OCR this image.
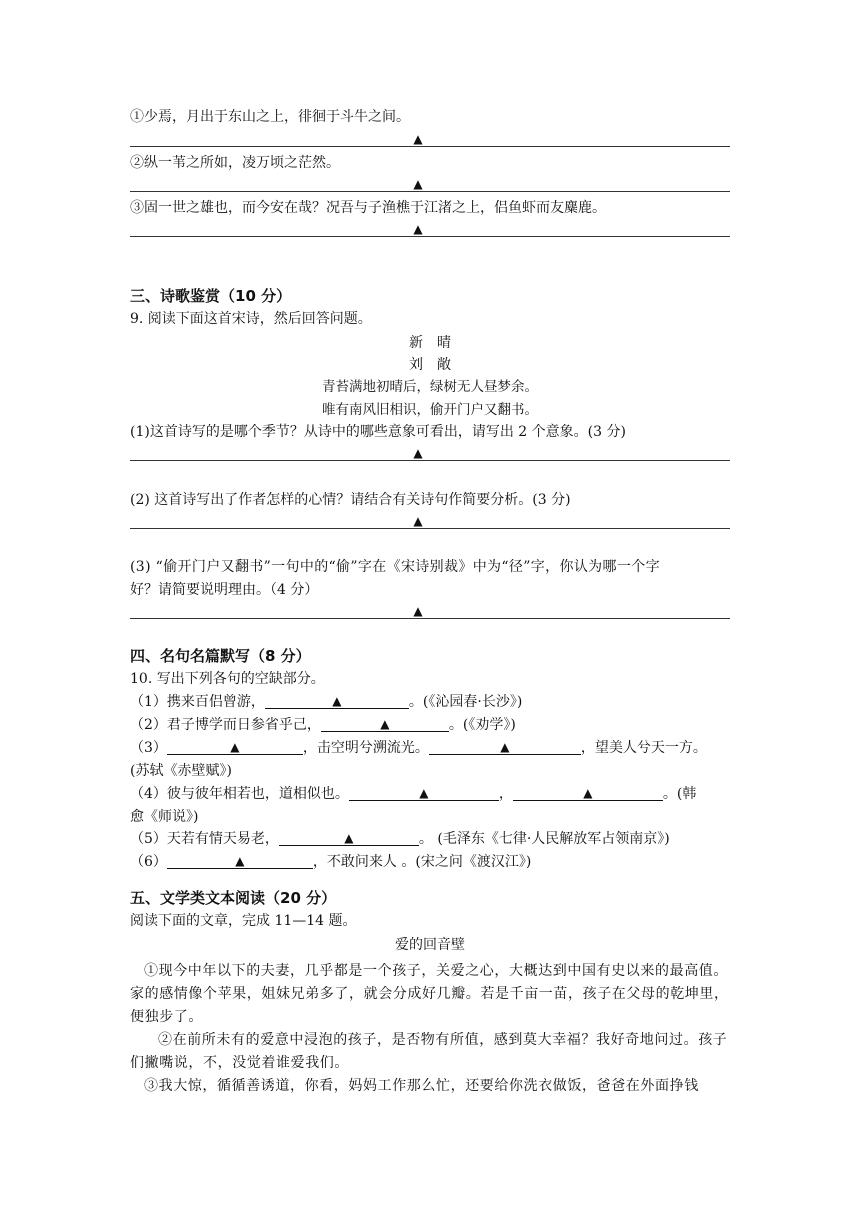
①少焉，月出于东山之上，徘徊于斗牛之间。
▲
②纵一苇之所如，凌万顷之茫然。
▲
③固一世之雄也，而今安在哉？况吾与子渔樵于江渚之上，侣鱼虾而友麋鹿。
▲
三、诗歌鉴赏（10 分）
9. 阅读下面这首宋诗，然后回答问题。
新　晴
刘　敞
青苔满地初晴后，绿树无人昼梦余。
唯有南风旧相识，偷开门户又翻书。
(1)这首诗写的是哪个季节？从诗中的哪些意象可看出，请写出 2 个意象。(3 分)
▲
(2) 这首诗写出了作者怎样的心情？请结合有关诗句作简要分析。(3 分)
▲
(3) “偷开门户又翻书”一句中的“偷”字在《宋诗别裁》中为“径”字，你认为哪一个字
好？请简要说明理由。（4 分）
▲
四、名句名篇默写（8 分）
10. 写出下列各句的空缺部分。
（1）携来百侣曾游，	▲	。(《沁园春·长沙》)
（2）君子博学而日参省乎己，	▲	。(《劝学》)
（3）	▲	，击空明兮溯流光。	▲	，望美人兮天一方。
(苏轼《赤壁赋》)
（4）彼与彼年相若也，道相似也。	▲	，	▲	。(韩
愈《师说》)
（5）天若有情天易老，	▲	。 (毛泽东《七律·人民解放军占领南京》)
（6）	▲	，不敢问来人 。(宋之问《渡汉江》)
五、文学类文本阅读（20 分）
阅读下面的文章，完成 11—14 题。
爱的回音壁
①现今中年以下的夫妻，几乎都是一个孩子，关爱之心，大概达到中国有史以来的最高值。家的感情像个苹果，姐妹兄弟多了，就会分成好几瓣。若是千亩一苗，孩子在父母的乾坤里，便独步了。
②在前所未有的爱意中浸泡的孩子，是否物有所值，感到莫大幸福？我好奇地问过。孩子们撇嘴说，不，没觉着谁爱我们。
③我大惊，循循善诱道，你看，妈妈工作那么忙，还要给你洗衣做饭，爸爸在外面挣钱
